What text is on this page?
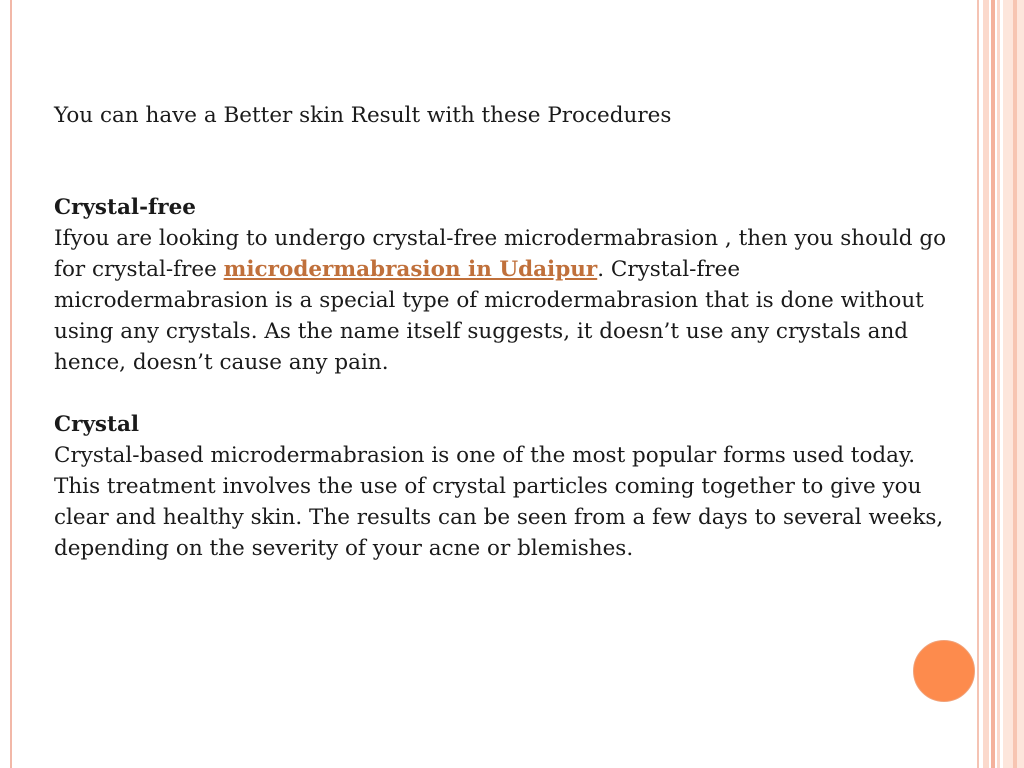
You can have a Better skin Result with these Procedures

Crystal-free

Ifyou are looking to undergo crystal-free microdermabrasion , then you should go for crystal-free microdermabrasion in Udaipur. Crystal-free microdermabrasion is a special type of microdermabrasion that is done without using any crystals. As the name itself suggests, it doesn’t use any crystals and hence, doesn’t cause any pain.

Crystal

Crystal-based microdermabrasion is one of the most popular forms used today. This treatment involves the use of crystal particles coming together to give you clear and healthy skin. The results can be seen from a few days to several weeks, depending on the severity of your acne or blemishes.
